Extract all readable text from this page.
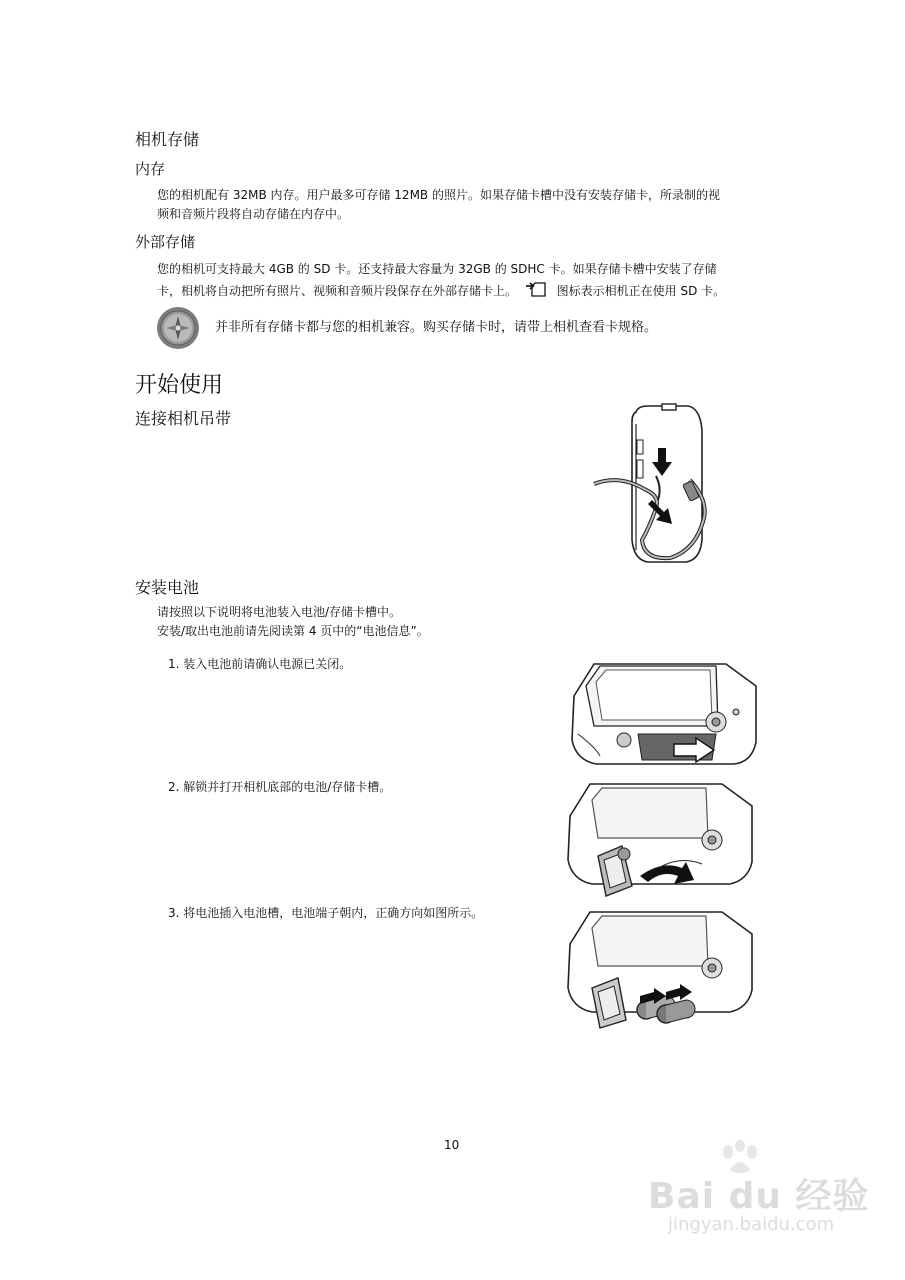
相机存储
内存
您的相机配有 32MB 内存。用户最多可存储 12MB 的照片。如果存储卡槽中没有安装存储卡，所录制的视
频和音频片段将自动存储在内存中。
外部存储
您的相机可支持最大 4GB 的 SD 卡。还支持最大容量为 32GB 的 SDHC 卡。如果存储卡槽中安装了存储
卡，相机将自动把所有照片、视频和音频片段保存在外部存储卡上。	图标表示相机正在使用 SD 卡。
并非所有存储卡都与您的相机兼容。购买存储卡时，请带上相机查看卡规格。
开始使用
连接相机吊带
安装电池
请按照以下说明将电池装入电池/存储卡槽中。
安装/取出电池前请先阅读第 4 页中的“电池信息”。
1. 装入电池前请确认电源已关闭。
2. 解锁并打开相机底部的电池/存储卡槽。
3. 将电池插入电池槽，电池端子朝内，正确方向如图所示。
10
Bai du 经验
jingyan.baidu.com
